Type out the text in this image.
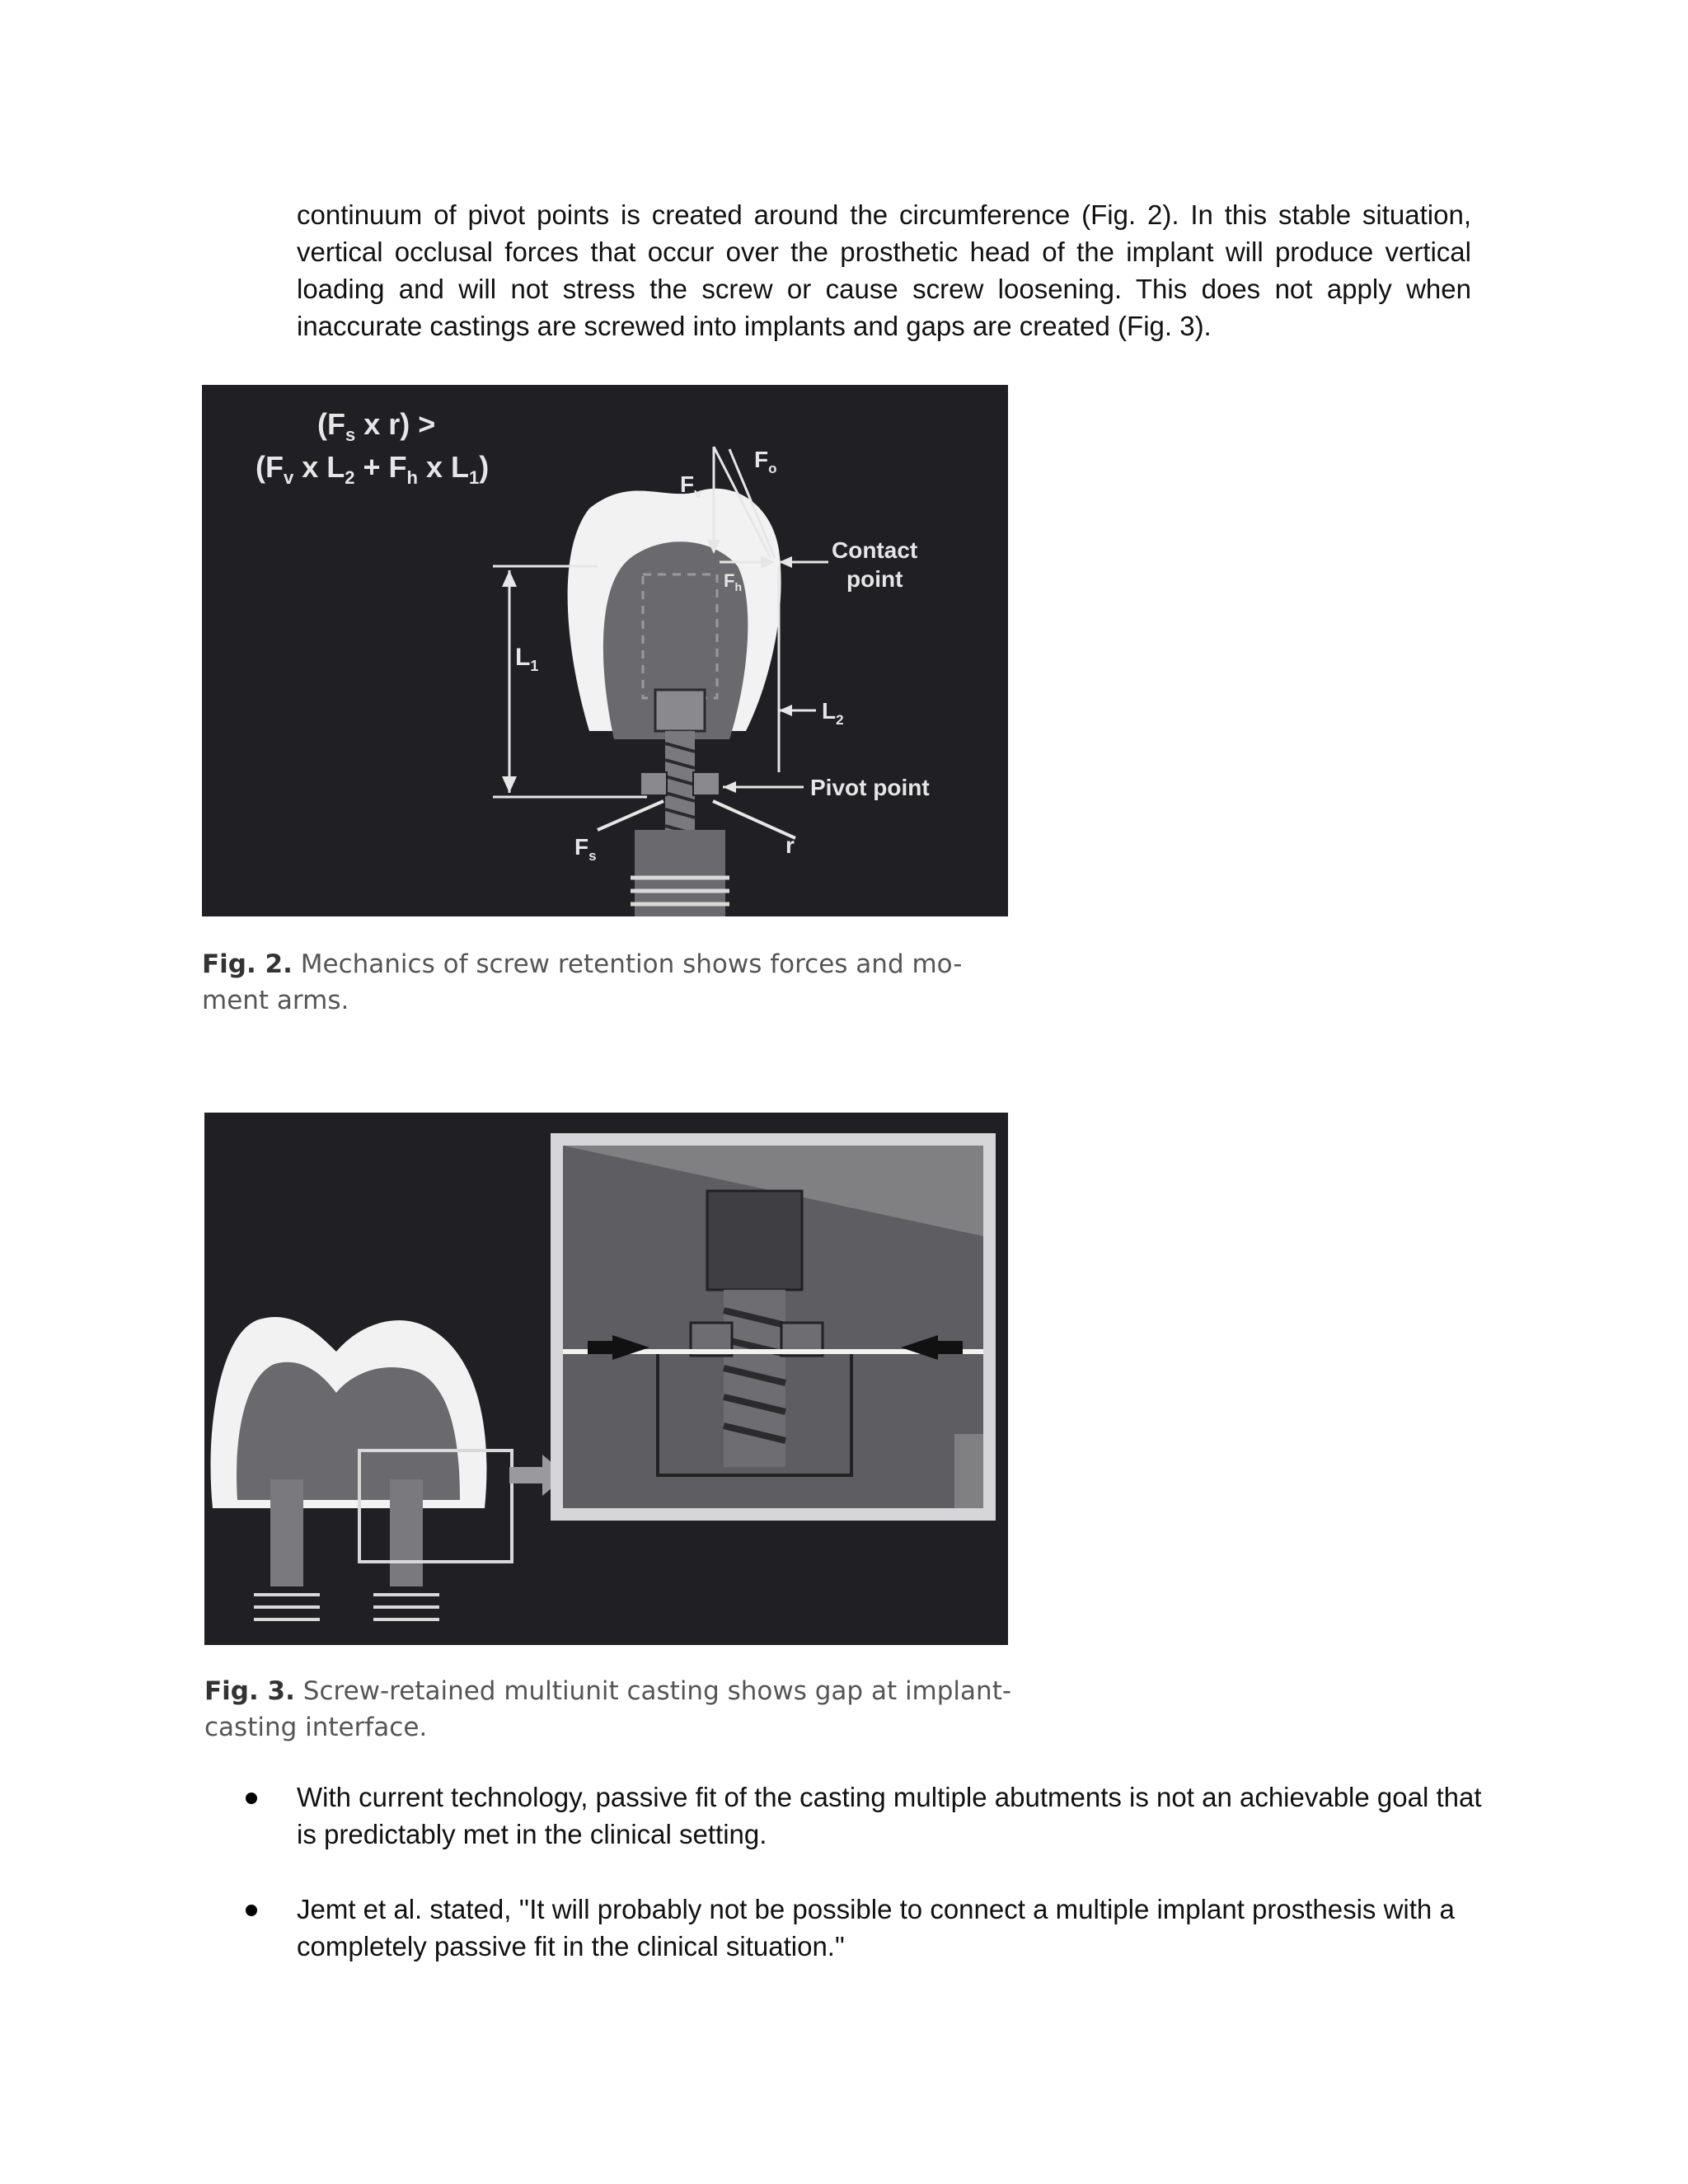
continuum of pivot points is created around the circumference (Fig. 2). In this stable situation, vertical occlusal forces that occur over the prosthetic head of the implant will produce vertical loading and will not stress the screw or cause screw loosening. This does not apply when inaccurate castings are screwed into implants and gaps are created (Fig. 3).

($F_s$ x r) >
($F_v$ x $L_2 + F_h$ x $L_1$)
$L_1$
$F_v$
$F_o$
$F_h$
Contact
point
$L_2$
Pivot point
$F_s$	r

Fig. 2. Mechanics of screw retention shows forces and mo- ment arms.

Fig. 3. Screw-retained multiunit casting shows gap at implant- casting interface.

With current technology, passive fit of the casting multiple abutments is not an achievable goal that is predictably met in the clinical setting.
Jemt et al. stated, ''It will probably not be possible to connect a multiple implant prosthesis with a completely passive fit in the clinical situation."
